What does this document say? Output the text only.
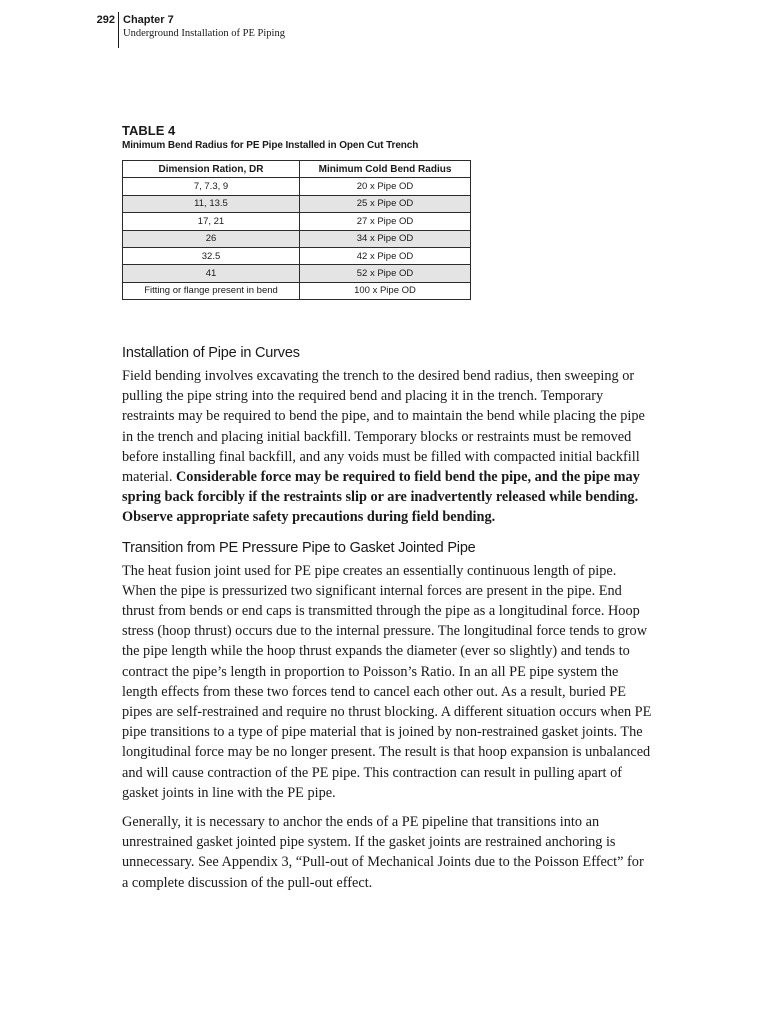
292 Chapter 7
Underground Installation of PE Piping

TABLE 4

Minimum Bend Radius for PE Pipe Installed in Open Cut Trench

Dimension Ration, DR	Minimum Cold Bend Radius
7, 7.3, 9	20 x Pipe OD
11, 13.5	25 x Pipe OD
17, 21	27 x Pipe OD
26	34 x Pipe OD
32.5	42 x Pipe OD
41	52 x Pipe OD
Fitting or flange present in bend	100 x Pipe OD
Installation of Pipe in Curves

Field bending involves excavating the trench to the desired bend radius, then sweeping or pulling the pipe string into the required bend and placing it in the trench. Temporary restraints may be required to bend the pipe, and to maintain the bend while placing the pipe in the trench and placing initial backfill. Temporary blocks or restraints must be removed before installing final backfill, and any voids must be filled with compacted initial backfill material. Considerable force may be required to field bend the pipe, and the pipe may spring back forcibly if the restraints slip or are inadvertently released while bending. Observe appropriate safety precautions during field bending.

Transition from PE Pressure Pipe to Gasket Jointed Pipe

The heat fusion joint used for PE pipe creates an essentially continuous length of pipe. When the pipe is pressurized two significant internal forces are present in the pipe. End thrust from bends or end caps is transmitted through the pipe as a longitudinal force. Hoop stress (hoop thrust) occurs due to the internal pressure. The longitudinal force tends to grow the pipe length while the hoop thrust expands the diameter (ever so slightly) and tends to contract the pipe’s length in proportion to Poisson’s Ratio. In an all PE pipe system the length effects from these two forces tend to cancel each other out. As a result, buried PE pipes are self-restrained and require no thrust blocking. A different situation occurs when PE pipe transitions to a type of pipe material that is joined by non-restrained gasket joints. The longitudinal force may be no longer present. The result is that hoop expansion is unbalanced and will cause contraction of the PE pipe. This contraction can result in pulling apart of gasket joints in line with the PE pipe.

Generally, it is necessary to anchor the ends of a PE pipeline that transitions into an unrestrained gasket jointed pipe system. If the gasket joints are restrained anchoring is unnecessary. See Appendix 3, “Pull-out of Mechanical Joints due to the Poisson Effect” for a complete discussion of the pull-out effect.
